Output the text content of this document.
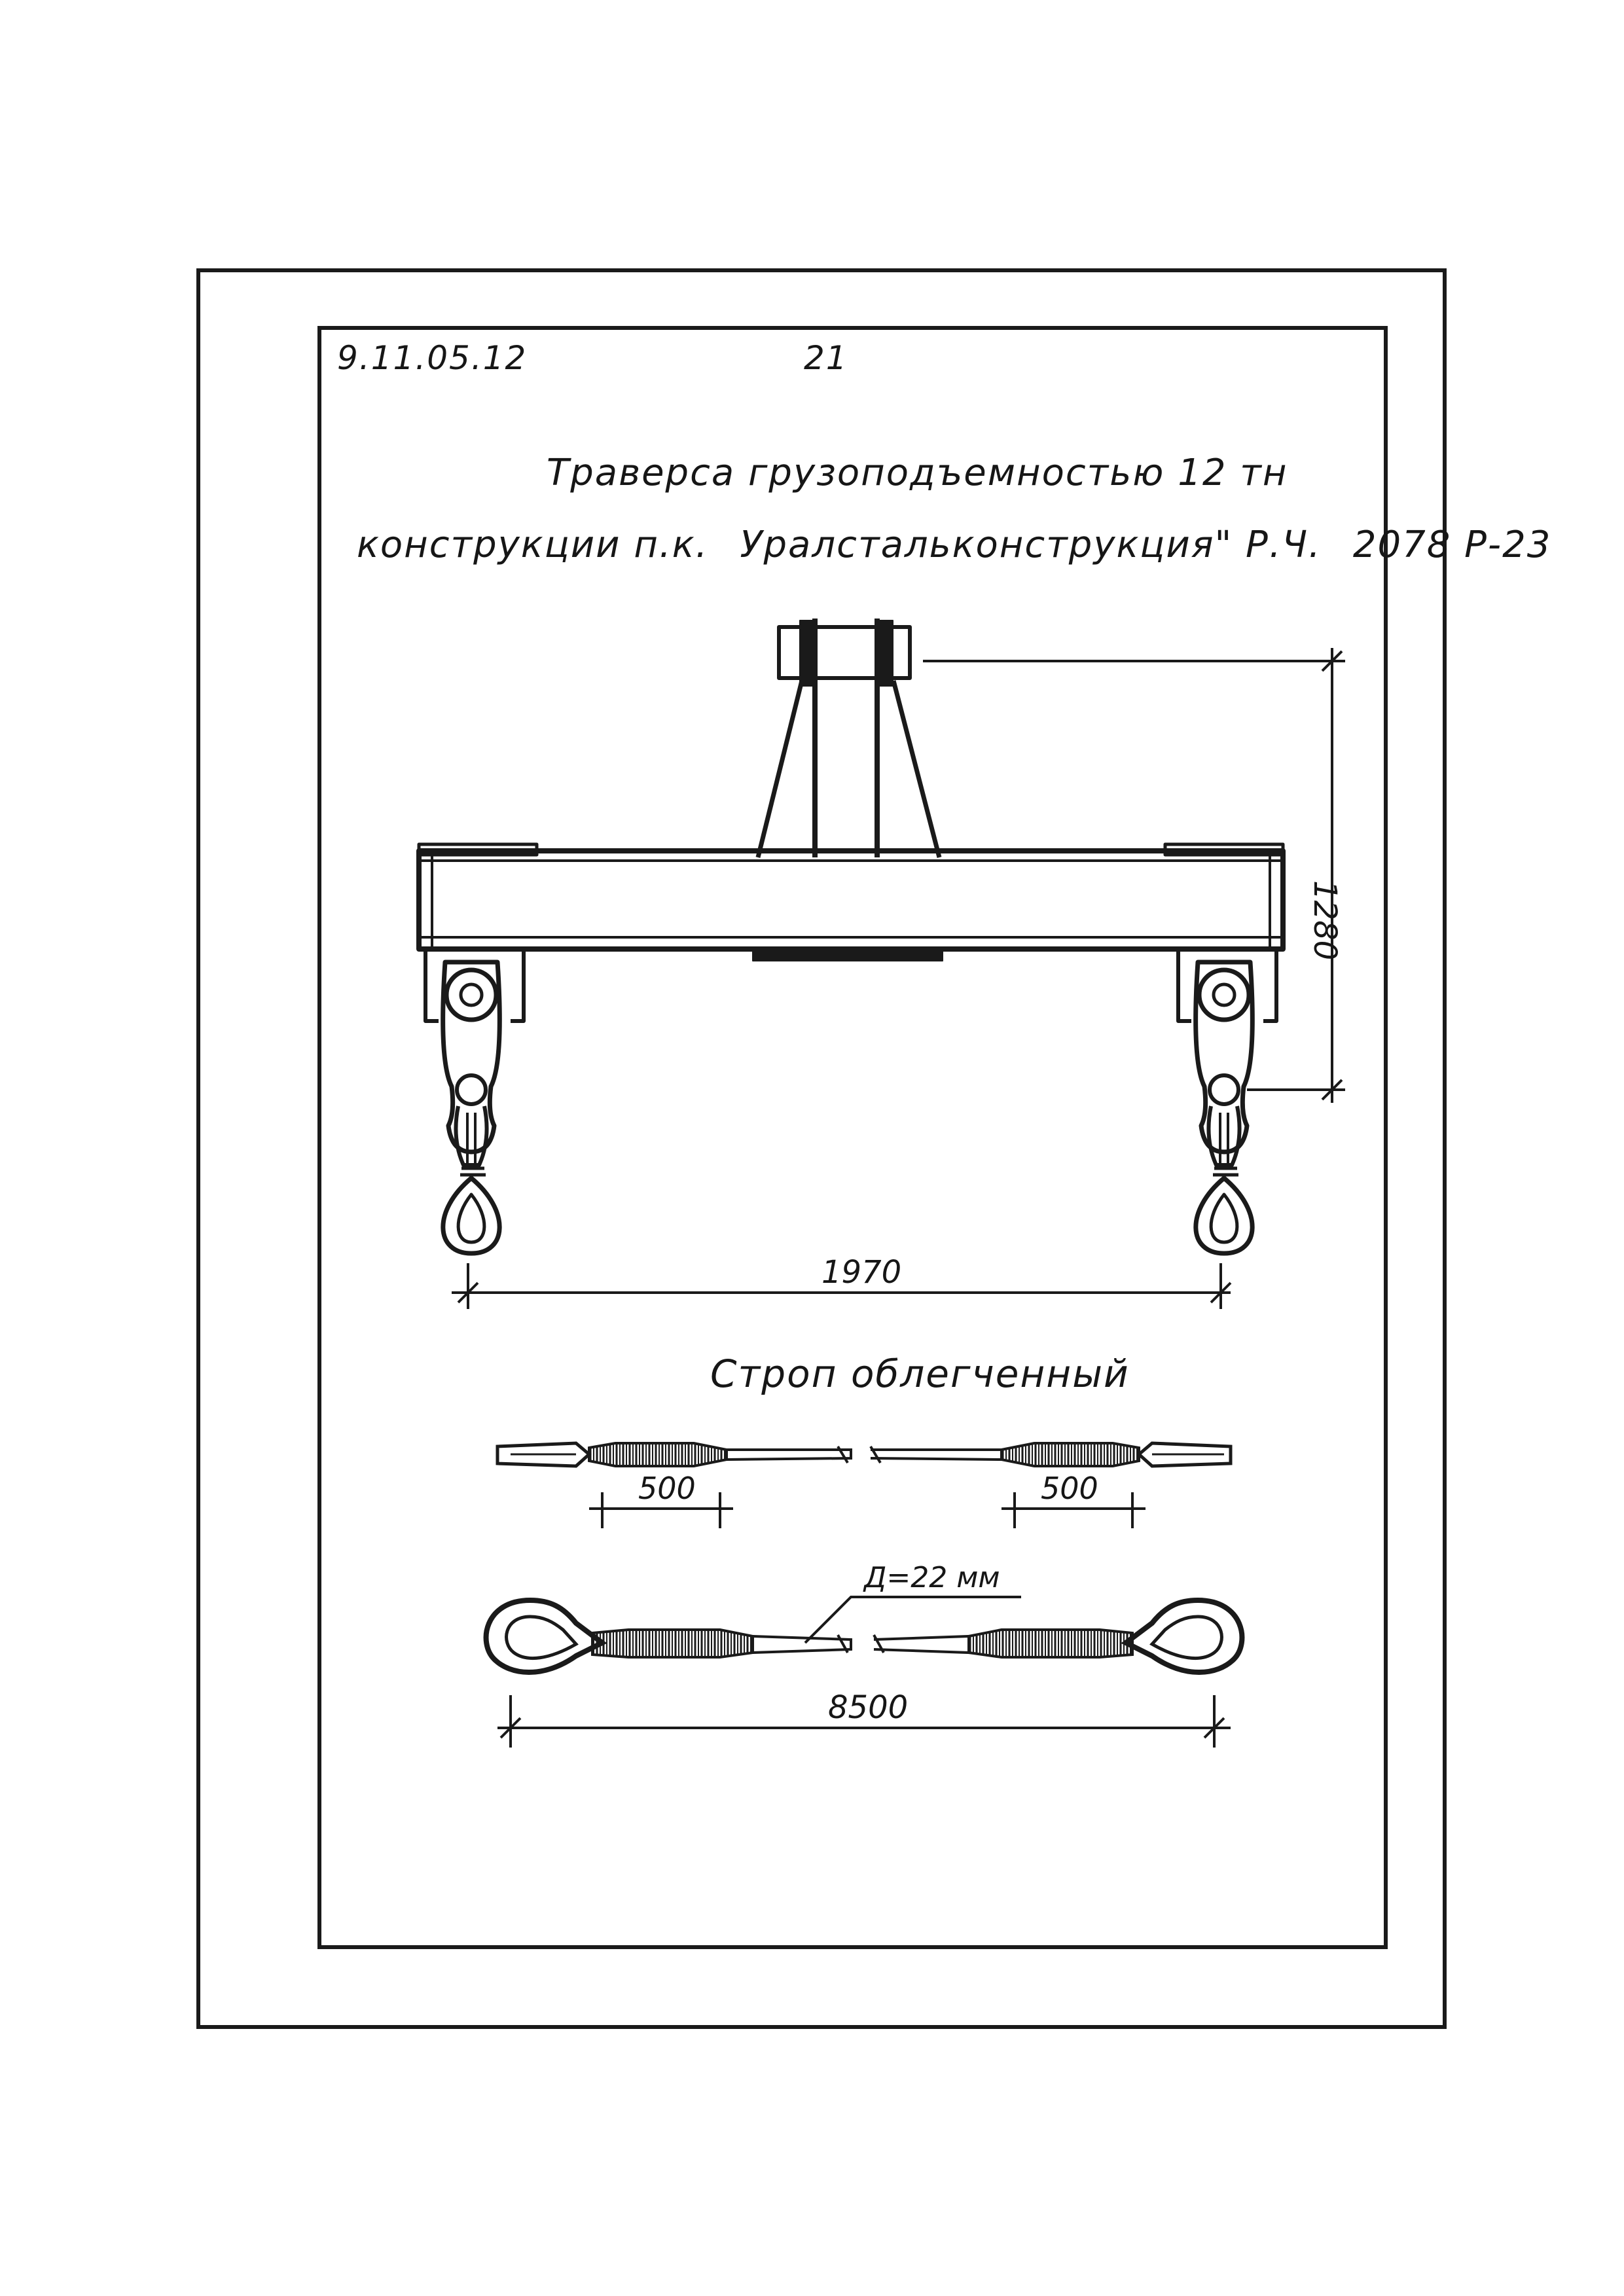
9.11.05.12	21
Траверса грузоподъемностью 12 тн
конструкции п.к. Уралстальконструкция" Р.Ч. 2078 Р-23
Строп облегченный
1280
1970
500	500
Д=22 мм
8500
